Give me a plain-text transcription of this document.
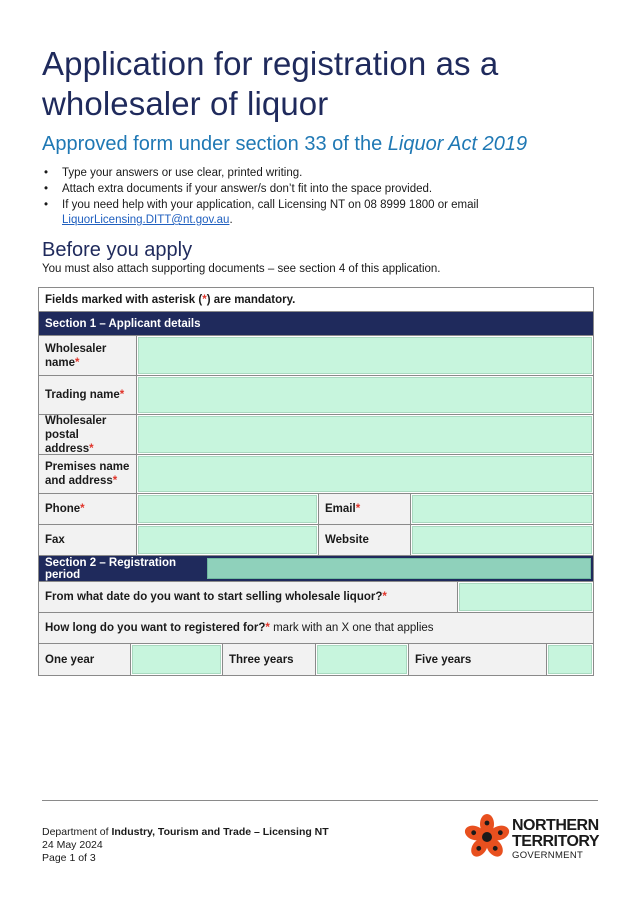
Application for registration as a wholesaler of liquor
Approved form under section 33 of the Liquor Act 2019
• Type your answers or use clear, printed writing.
• Attach extra documents if your answer/s don’t fit into the space provided.
• If you need help with your application, call Licensing NT on 08 8999 1800 or email LiquorLicensing.DITT@nt.gov.au.
Before you apply
You must also attach supporting documents – see section 4 of this application.
Fields marked with asterisk ( * ) are mandatory.
Section 1 – Applicant details
Wholesaler name*
Trading name*
Wholesaler postal address*
Premises name and address*
Phone*	Email*
Fax	Website
Section 2 – Registration period
From what date do you want to start selling wholesale liquor?*
How long do you want to registered for?* mark with an X one that applies
One year	Three years	Five years
Department of Industry, Tourism and Trade – Licensing NT
24 May 2024
Page 1 of 3
NORTHERN
TERRITORY
GOVERNMENT
